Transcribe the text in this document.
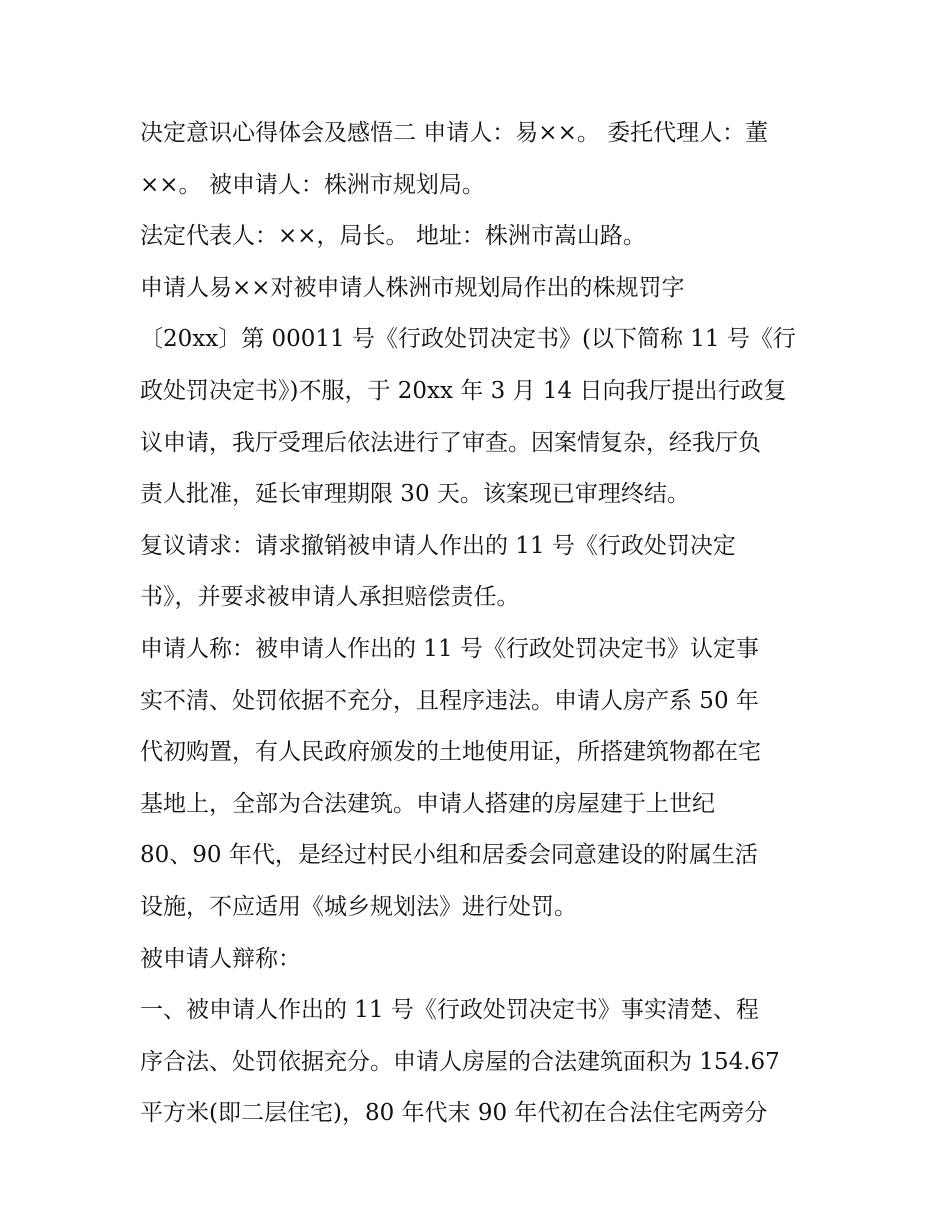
决定意识心得体会及感悟二 申请人：易××。 委托代理人：董
××。 被申请人：株洲市规划局。
法定代表人：××，局长。 地址：株洲市嵩山路。
申请人易××对被申请人株洲市规划局作出的株规罚字
〔20xx〕第 00011 号《行政处罚决定书》(以下简称 11 号《行
政处罚决定书》)不服，于 20xx 年 3 月 14 日向我厅提出行政复
议申请，我厅受理后依法进行了审查。因案情复杂，经我厅负
责人批准，延长审理期限 30 天。该案现已审理终结。
复议请求：请求撤销被申请人作出的 11 号《行政处罚决定
书》，并要求被申请人承担赔偿责任。
申请人称：被申请人作出的 11 号《行政处罚决定书》认定事
实不清、处罚依据不充分，且程序违法。申请人房产系 50 年
代初购置，有人民政府颁发的土地使用证，所搭建筑物都在宅
基地上，全部为合法建筑。申请人搭建的房屋建于上世纪
80、90 年代，是经过村民小组和居委会同意建设的附属生活
设施，不应适用《城乡规划法》进行处罚。
被申请人辩称：
一、被申请人作出的 11 号《行政处罚决定书》事实清楚、程
序合法、处罚依据充分。申请人房屋的合法建筑面积为 154.67
平方米(即二层住宅)，80 年代末 90 年代初在合法住宅两旁分
